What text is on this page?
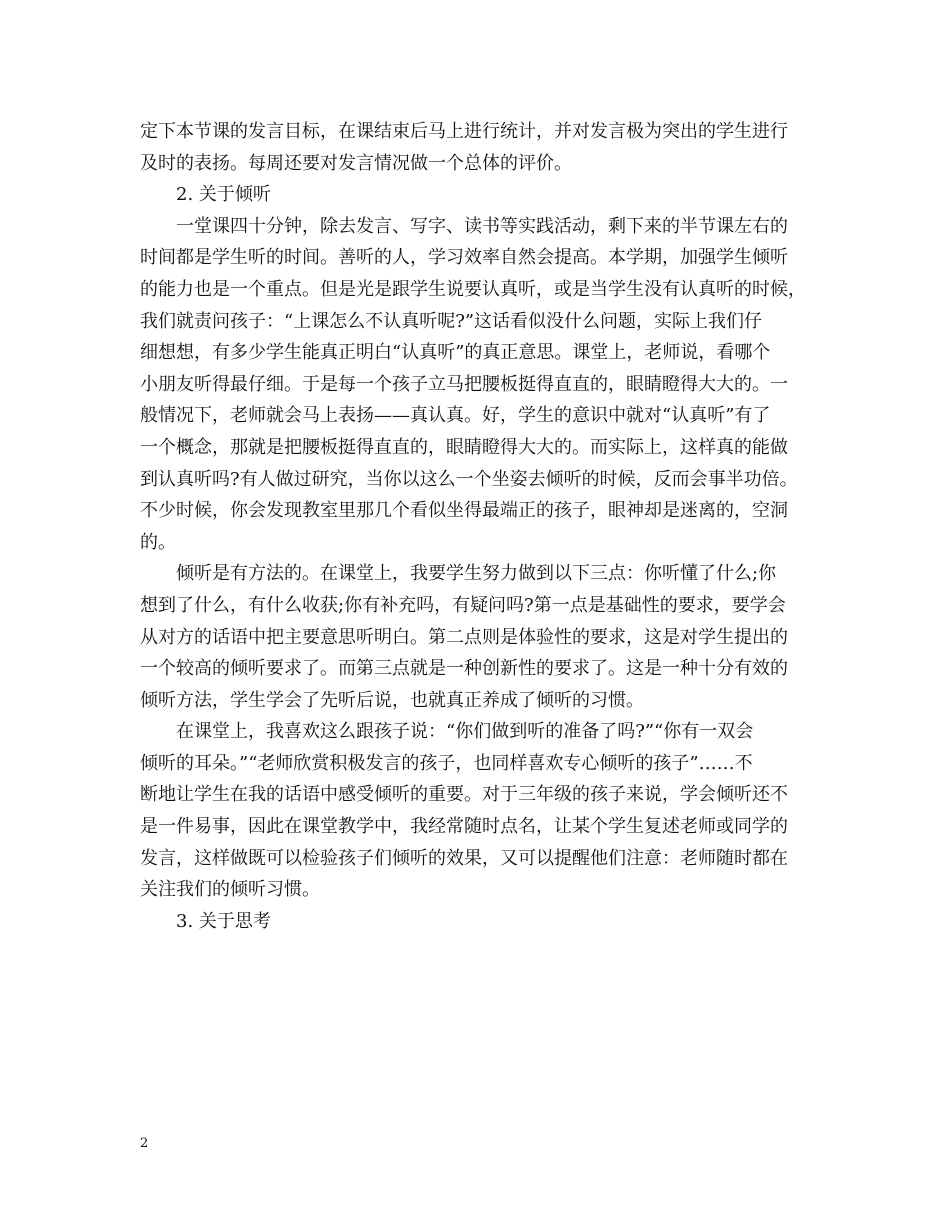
定下本节课的发言目标，在课结束后马上进行统计，并对发言极为突出的学生进行
及时的表扬。每周还要对发言情况做一个总体的评价。

2. 关于倾听

一堂课四十分钟，除去发言、写字、读书等实践活动，剩下来的半节课左右的
时间都是学生听的时间。善听的人，学习效率自然会提高。本学期，加强学生倾听
的能力也是一个重点。但是光是跟学生说要认真听，或是当学生没有认真听的时候，
我们就责问孩子：“上课怎么不认真听呢?”这话看似没什么问题，实际上我们仔
细想想，有多少学生能真正明白“认真听”的真正意思。课堂上，老师说，看哪个
小朋友听得最仔细。于是每一个孩子立马把腰板挺得直直的，眼睛瞪得大大的。一
般情况下，老师就会马上表扬——真认真。好，学生的意识中就对“认真听”有了
一个概念，那就是把腰板挺得直直的，眼睛瞪得大大的。而实际上，这样真的能做
到认真听吗?有人做过研究，当你以这么一个坐姿去倾听的时候，反而会事半功倍。
不少时候，你会发现教室里那几个看似坐得最端正的孩子，眼神却是迷离的，空洞
的。

倾听是有方法的。在课堂上，我要学生努力做到以下三点：你听懂了什么;你
想到了什么，有什么收获;你有补充吗，有疑问吗?第一点是基础性的要求，要学会
从对方的话语中把主要意思听明白。第二点则是体验性的要求，这是对学生提出的
一个较高的倾听要求了。而第三点就是一种创新性的要求了。这是一种十分有效的
倾听方法，学生学会了先听后说，也就真正养成了倾听的习惯。

在课堂上，我喜欢这么跟孩子说：“你们做到听的准备了吗?”“你有一双会
倾听的耳朵。”“老师欣赏积极发言的孩子，也同样喜欢专心倾听的孩子”……不
断地让学生在我的话语中感受倾听的重要。对于三年级的孩子来说，学会倾听还不
是一件易事，因此在课堂教学中，我经常随时点名，让某个学生复述老师或同学的
发言，这样做既可以检验孩子们倾听的效果，又可以提醒他们注意：老师随时都在
关注我们的倾听习惯。

3. 关于思考

2
